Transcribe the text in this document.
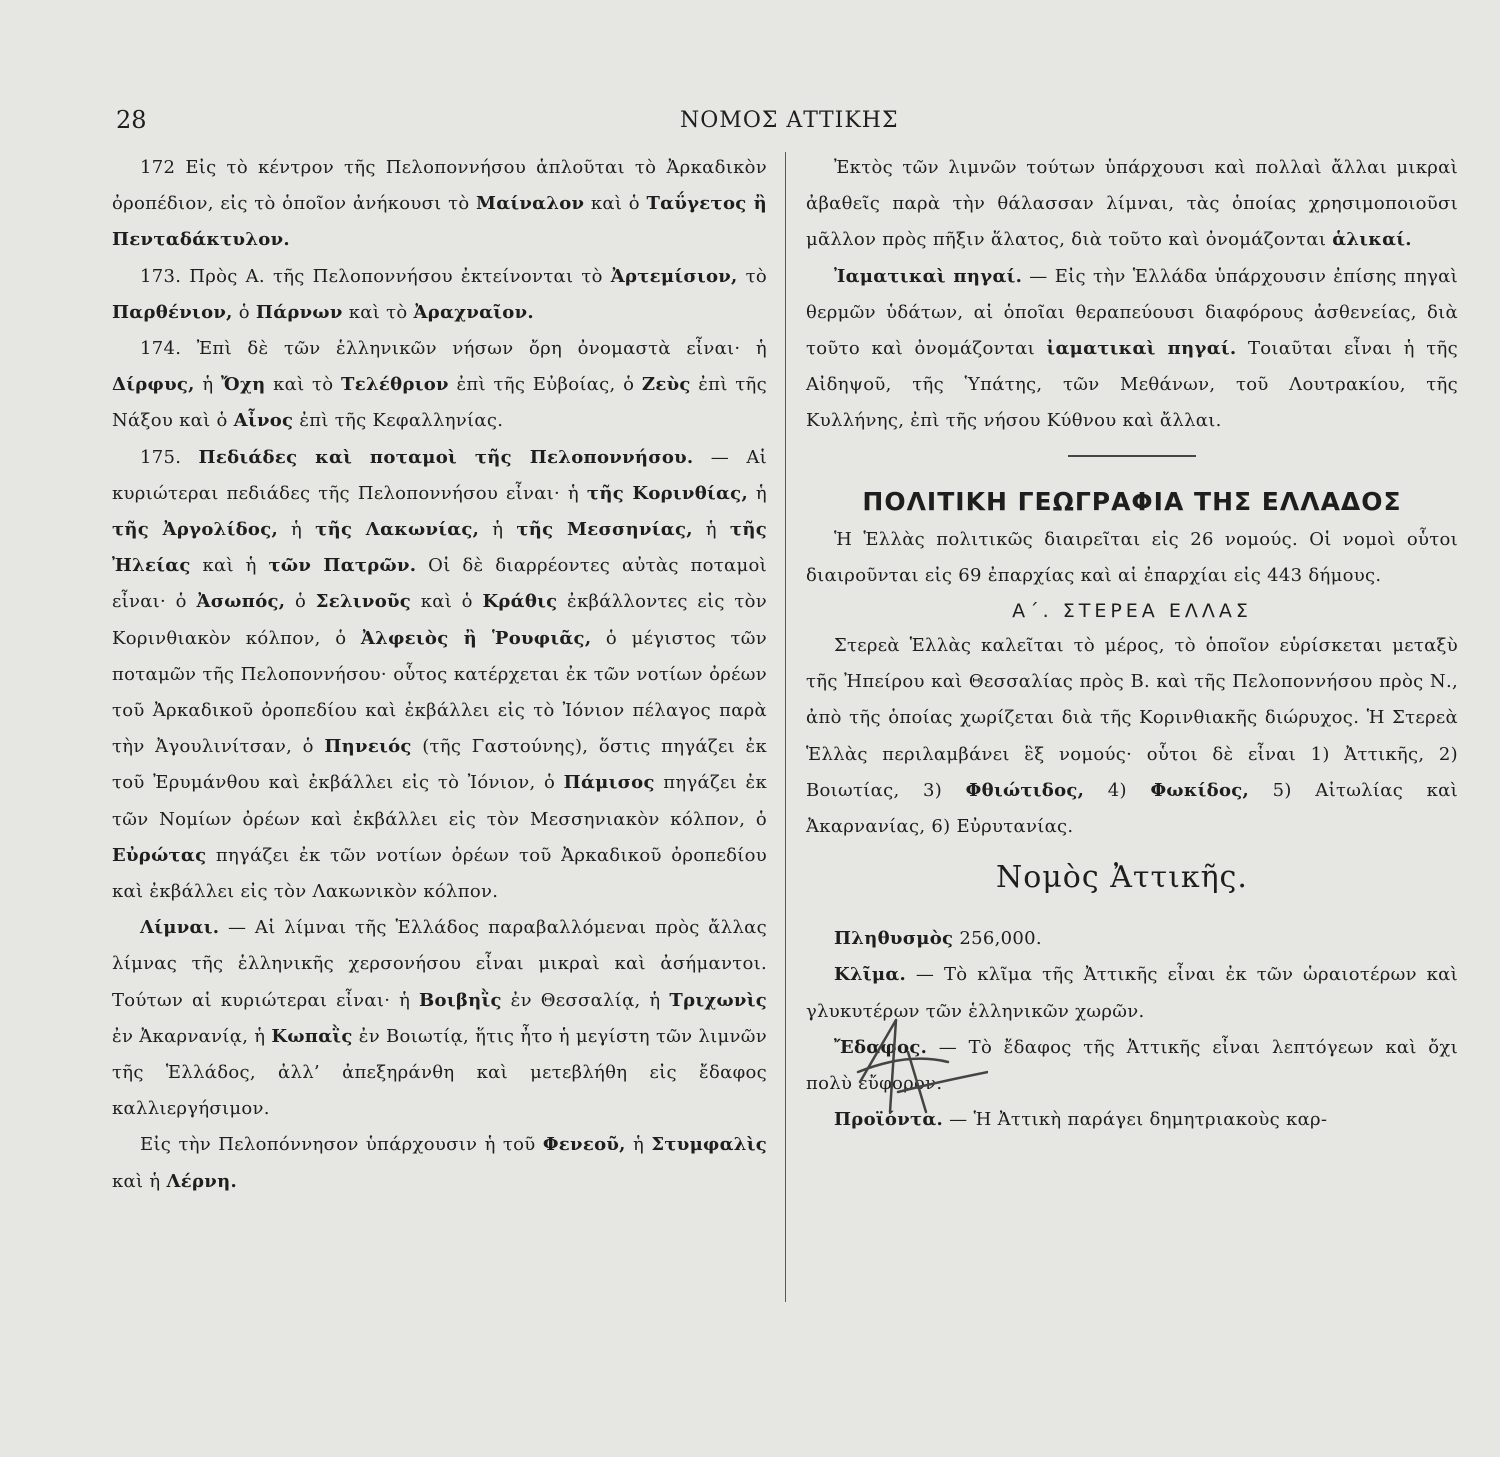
28	ΝΟΜΟΣ ΑΤΤΙΚΗΣ

172 Εἰς τὸ κέντρον τῆς Πελοποννήσου ἁπλοῦται τὸ Ἀρκαδικὸν ὀροπέδιον, εἰς τὸ ὁποῖον ἀνήκουσι τὸ Μαίναλον καὶ ὁ Ταΰγετος ἢ Πενταδάκτυλον.

173. Πρὸς Α. τῆς Πελοποννήσου ἐκτείνονται τὸ Ἀρτεμίσιον, τὸ Παρθένιον, ὁ Πάρνων καὶ τὸ Ἀραχναῖον.

174. Ἐπὶ δὲ τῶν ἑλληνικῶν νήσων ὄρη ὀνομαστὰ εἶναι· ἡ Δίρφυς, ἡ Ὄχη καὶ τὸ Τελέθριον ἐπὶ τῆς Εὐβοίας, ὁ Ζεὺς ἐπὶ τῆς Νάξου καὶ ὁ Αἶνος ἐπὶ τῆς Κεφαλληνίας.

175. Πεδιάδες καὶ ποταμοὶ τῆς Πελοποννήσου. — Αἱ κυριώτεραι πεδιάδες τῆς Πελοποννήσου εἶναι· ἡ τῆς Κορινθίας, ἡ τῆς Ἀργολίδος, ἡ τῆς Λακωνίας, ἡ τῆς Μεσσηνίας, ἡ τῆς Ἠλείας καὶ ἡ τῶν Πατρῶν. Οἱ δὲ διαρρέοντες αὐτὰς ποταμοὶ εἶναι· ὁ Ἀσωπός, ὁ Σελινοῦς καὶ ὁ Κράθις ἐκβάλλοντες εἰς τὸν Κορινθιακὸν κόλπον, ὁ Ἀλφειὸς ἢ Ῥουφιᾶς, ὁ μέγιστος τῶν ποταμῶν τῆς Πελοποννήσου· οὗτος κατέρχεται ἐκ τῶν νοτίων ὀρέων τοῦ Ἀρκαδικοῦ ὀροπεδίου καὶ ἐκβάλλει εἰς τὸ Ἰόνιον πέλαγος παρὰ τὴν Ἀγουλινίτσαν, ὁ Πηνειός (τῆς Γαστούνης), ὅστις πηγάζει ἐκ τοῦ Ἐρυμάνθου καὶ ἐκβάλλει εἰς τὸ Ἰόνιον, ὁ Πάμισος πηγάζει ἐκ τῶν Νομίων ὀρέων καὶ ἐκβάλλει εἰς τὸν Μεσσηνιακὸν κόλπον, ὁ Εὐρώτας πηγάζει ἐκ τῶν νοτίων ὀρέων τοῦ Ἀρκαδικοῦ ὀροπεδίου καὶ ἐκβάλλει εἰς τὸν Λακωνικὸν κόλπον.

Λίμναι. — Αἱ λίμναι τῆς Ἑλλάδος παραβαλλόμεναι πρὸς ἄλλας λίμνας τῆς ἑλληνικῆς χερσονήσου εἶναι μικραὶ καὶ ἀσήμαντοι. Τούτων αἱ κυριώτεραι εἶναι· ἡ Βοιβηῒς ἐν Θεσσαλίᾳ, ἡ Τριχωνὶς ἐν Ἀκαρνανίᾳ, ἡ Κωπαῒς ἐν Βοιωτίᾳ, ἥτις ἦτο ἡ μεγίστη τῶν λιμνῶν τῆς Ἑλλάδος, ἀλλ’ ἀπεξηράνθη καὶ μετεβλήθη εἰς ἔδαφος καλλιεργήσιμον.

Εἰς τὴν Πελοπόννησον ὑπάρχουσιν ἡ τοῦ Φενεοῦ, ἡ Στυμφαλὶς καὶ ἡ Λέρνη.

Ἐκτὸς τῶν λιμνῶν τούτων ὑπάρχουσι καὶ πολλαὶ ἄλλαι μικραὶ ἀβαθεῖς παρὰ τὴν θάλασσαν λίμναι, τὰς ὁποίας χρησιμοποιοῦσι μᾶλλον πρὸς πῆξιν ἅλατος, διὰ τοῦτο καὶ ὀνομάζονται ἁλικαί.

Ἰαματικαὶ πηγαί. — Εἰς τὴν Ἑλλάδα ὑπάρχουσιν ἐπίσης πηγαὶ θερμῶν ὑδάτων, αἱ ὁποῖαι θεραπεύουσι διαφόρους ἀσθενείας, διὰ τοῦτο καὶ ὀνομάζονται ἰαματικαὶ πηγαί. Τοιαῦται εἶναι ἡ τῆς Αἰδηψοῦ, τῆς Ὑπάτης, τῶν Μεθάνων, τοῦ Λουτρακίου, τῆς Κυλλήνης, ἐπὶ τῆς νήσου Κύθνου καὶ ἄλλαι.

ΠΟΛΙΤΙΚΗ ΓΕΩΓΡΑΦΙΑ ΤΗΣ ΕΛΛΑΔΟΣ

Ἡ Ἑλλὰς πολιτικῶς διαιρεῖται εἰς 26 νομούς. Οἱ νομοὶ οὗτοι διαιροῦνται εἰς 69 ἐπαρχίας καὶ αἱ ἐπαρχίαι εἰς 443 δήμους.

Α΄. ΣΤΕΡΕΑ ΕΛΛΑΣ

Στερεὰ Ἑλλὰς καλεῖται τὸ μέρος, τὸ ὁποῖον εὑρίσκεται μεταξὺ τῆς Ἠπείρου καὶ Θεσσαλίας πρὸς Β. καὶ τῆς Πελοποννήσου πρὸς Ν., ἀπὸ τῆς ὁποίας χωρίζεται διὰ τῆς Κορινθιακῆς διώρυχος. Ἡ Στερεὰ Ἑλλὰς περιλαμβάνει ἓξ νομούς· οὗτοι δὲ εἶναι 1) Ἀττικῆς, 2) Βοιωτίας, 3) Φθιώτιδος, 4) Φωκίδος, 5) Αἰτωλίας καὶ Ἀκαρνανίας, 6) Εὐρυτανίας.

Νομὸς Ἀττικῆς.

Πληθυσμὸς 256,000.

Κλῖμα. — Τὸ κλῖμα τῆς Ἀττικῆς εἶναι ἐκ τῶν ὡραιοτέρων καὶ γλυκυτέρων τῶν ἑλληνικῶν χωρῶν.

Ἔδαφος. — Τὸ ἔδαφος τῆς Ἀττικῆς εἶναι λεπτόγεων καὶ ὄχι πολὺ εὔφορον.

Προϊόντα. — Ἡ Ἀττικὴ παράγει δημητριακοὺς καρ-
